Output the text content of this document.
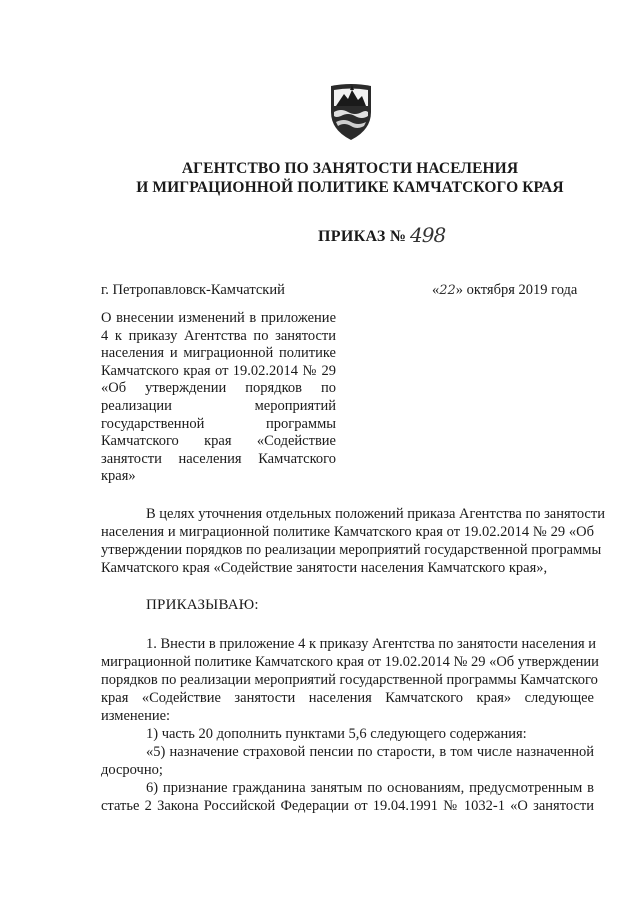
АГЕНТСТВО ПО ЗАНЯТОСТИ НАСЕЛЕНИЯ
И МИГРАЦИОННОЙ ПОЛИТИКЕ КАМЧАТСКОГО КРАЯ
ПРИКАЗ № 498
г. Петропавловск-Камчатский	«22» октября 2019 года
О внесении изменений в приложение
4 к приказу Агентства по занятости
населения и миграционной политике
Камчатского края от 19.02.2014 № 29
«Об утверждении порядков по
реализации мероприятий
государственной программы
Камчатского края «Содействие
занятости населения Камчатского
края»
В целях уточнения отдельных положений приказа Агентства по занятости
населения и миграционной политике Камчатского края от 19.02.2014 № 29 «Об
утверждении порядков по реализации мероприятий государственной программы
Камчатского края «Содействие занятости населения Камчатского края»,
ПРИКАЗЫВАЮ:
1. Внести в приложение 4 к приказу Агентства по занятости населения и
миграционной политике Камчатского края от 19.02.2014 № 29 «Об утверждении
порядков по реализации мероприятий государственной программы Камчатского
края «Содействие занятости населения Камчатского края» следующее
изменение:
1) часть 20 дополнить пунктами 5,6 следующего содержания:
«5) назначение страховой пенсии по старости, в том числе назначенной
досрочно;
6) признание гражданина занятым по основаниям, предусмотренным в
статье 2 Закона Российской Федерации от 19.04.1991 № 1032-1 «О занятости
